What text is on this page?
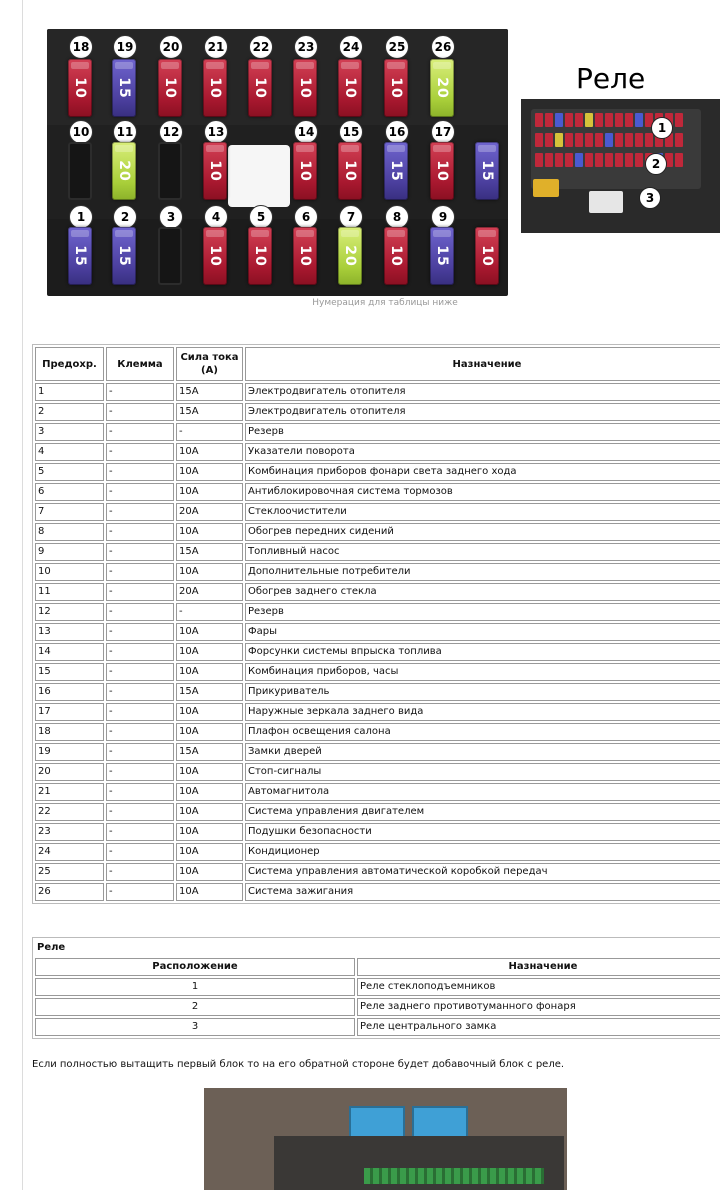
18	19	20	21	22	23	24	25	26
10 15 10 10 10 10 10 10 20
10	11	12	13	14	15	16	17
20	10	10 10 15 10 15
1	2	3	4	5	6	7	8	9
15 15	10 10 10 20 10 15 10
Реле
1
2
3
Нумерация для таблицы ниже
Предохр.	Клемма	Сила тока (А)	Назначение
1	-	15А	Электродвигатель отопителя
2	-	15А	Электродвигатель отопителя
3	-	-	Резерв
4	-	10А	Указатели поворота
5	-	10А	Комбинация приборов фонари света заднего хода
6	-	10А	Антиблокировочная система тормозов
7	-	20А	Стеклоочистители
8	-	10А	Обогрев передних сидений
9	-	15А	Топливный насос
10	-	10А	Дополнительные потребители
11	-	20А	Обогрев заднего стекла
12	-	-	Резерв
13	-	10А	Фары
14	-	10А	Форсунки системы впрыска топлива
15	-	10А	Комбинация приборов, часы
16	-	15А	Прикуриватель
17	-	10А	Наружные зеркала заднего вида
18	-	10А	Плафон освещения салона
19	-	15А	Замки дверей
20	-	10А	Стоп-сигналы
21	-	10А	Автомагнитола
22	-	10А	Система управления двигателем
23	-	10А	Подушки безопасности
24	-	10А	Кондиционер
25	-	10А	Система управления автоматической коробкой передач
26	-	10А	Система зажигания
Реле	
Расположение	Назначение
1	Реле стеклоподъемников
2	Реле заднего противотуманного фонаря
3	Реле центрального замка
Если полностью вытащить первый блок то на его обратной стороне будет добавочный блок с реле.
